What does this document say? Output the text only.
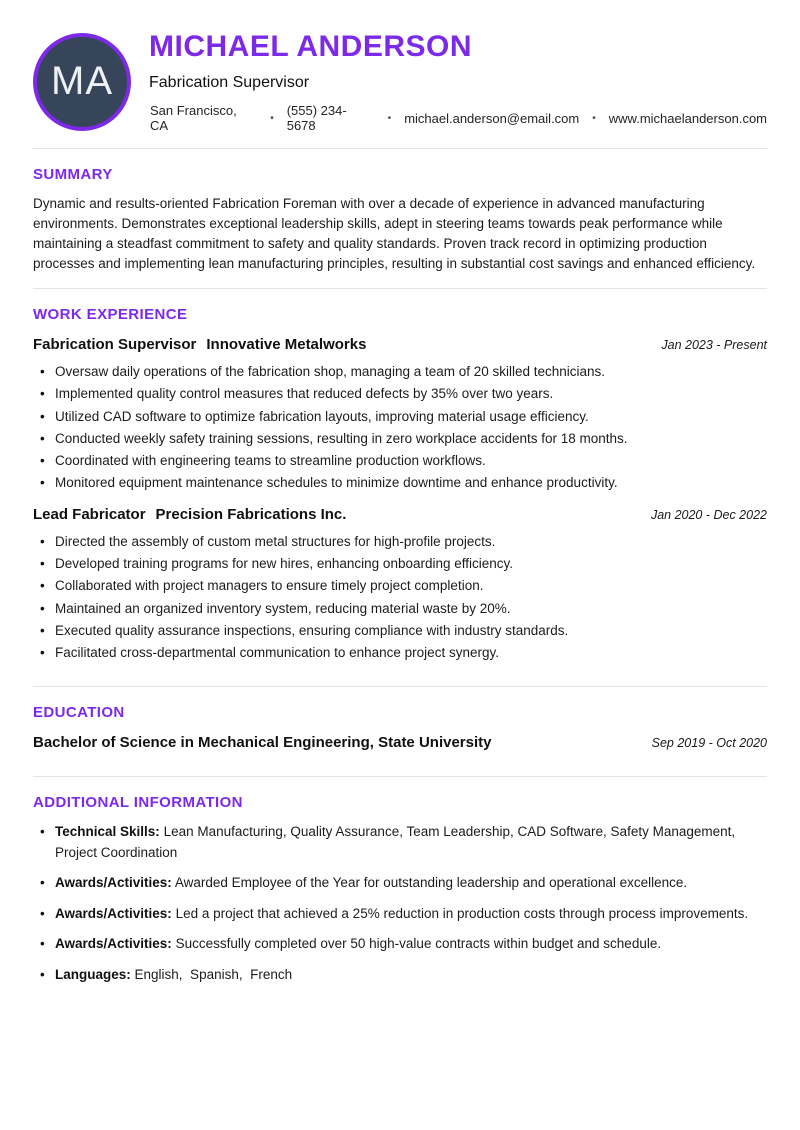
MA
MICHAEL ANDERSON
Fabrication Supervisor
San Francisco, CA	• (555) 234-5678	• michael.anderson@email.com • www.michaelanderson.com
SUMMARY
Dynamic and results-oriented Fabrication Foreman with over a decade of experience in advanced manufacturing environments. Demonstrates exceptional leadership skills, adept in steering teams towards peak performance while maintaining a steadfast commitment to safety and quality standards. Proven track record in optimizing production processes and implementing lean manufacturing principles, resulting in substantial cost savings and enhanced efficiency.
WORK EXPERIENCE
Fabrication Supervisor Innovative Metalworks	Jan 2023 - Present
• Oversaw daily operations of the fabrication shop, managing a team of 20 skilled technicians.
• Implemented quality control measures that reduced defects by 35% over two years.
• Utilized CAD software to optimize fabrication layouts, improving material usage efficiency.
• Conducted weekly safety training sessions, resulting in zero workplace accidents for 18 months.
• Coordinated with engineering teams to streamline production workflows.
• Monitored equipment maintenance schedules to minimize downtime and enhance productivity.
Lead Fabricator Precision Fabrications Inc.	Jan 2020 - Dec 2022
• Directed the assembly of custom metal structures for high-profile projects.
• Developed training programs for new hires, enhancing onboarding efficiency.
• Collaborated with project managers to ensure timely project completion.
• Maintained an organized inventory system, reducing material waste by 20%.
• Executed quality assurance inspections, ensuring compliance with industry standards.
• Facilitated cross-departmental communication to enhance project synergy.
EDUCATION
Bachelor of Science in Mechanical Engineering, State University	Sep 2019 - Oct 2020
ADDITIONAL INFORMATION
• Technical Skills: Lean Manufacturing, Quality Assurance, Team Leadership, CAD Software, Safety Management, Project Coordination
• Awards/Activities: Awarded Employee of the Year for outstanding leadership and operational excellence.
• Awards/Activities: Led a project that achieved a 25% reduction in production costs through process improvements.
• Awards/Activities: Successfully completed over 50 high-value contracts within budget and schedule.
• Languages: English,  Spanish,  French
